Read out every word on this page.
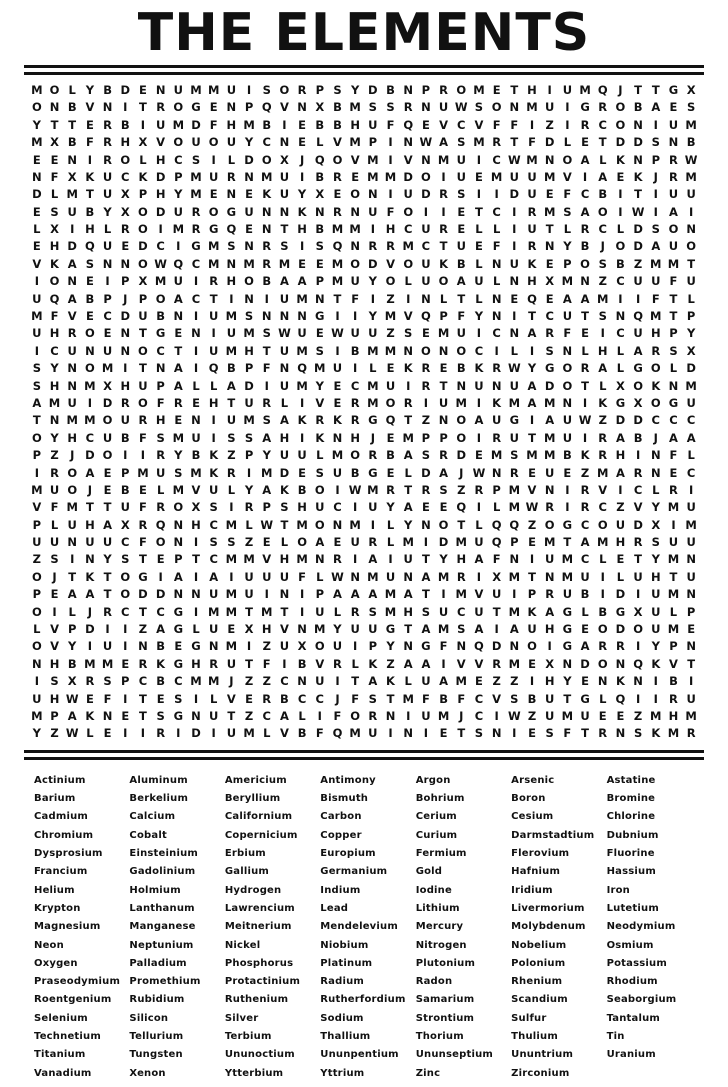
THE ELEMENTS
M O L Y B D E N U M M U I S O R P S Y D B N P R O M E T H I U M Q J	T T G X
O N B V N I	T R O G E N P Q V N X B M S S R N U W S O N M U I G R O B A E S
Y T T E R B I U M D F H M B I	E B B H U F Q E V C V F F	I Z I R C O N I U M
M X B F R H X V O U O U Y C N E L V M P I N W A S M R T F D L E T D D S N B
E E N I R O L H C S I	L D O X J Q O V M I V N M U I C W M N O A L K N P R W
N F X K U C K D P M U R N M U I B R E M M D O I U E M U U M V I A E K J R M
D L M T U X P H Y M E N E K U Y X E O N I U D R S I	I D U E F C B I	T	I U U
E S U B Y X O D U R O G U N N K N R N U F O I	I	E T C I R M S A O I W I A I
L X I H L R O I M R G Q E N T H B M M I H C U R E L L	I U T L R C L D S O N
E H D Q U E D C I G M S N R S I S Q N R R M C T U E F	I R N Y B J O D A U O
V K A S N N O W Q C M N M R M E E M O D V O U K B L N U K E P O S B Z M M T
I O N E	I P X M U I R H O B A A P M U Y O L U O A U L N H X M N Z C U U F U
U Q A B P J P O A C T	I N I U M N T F	I Z I N L T L N E Q E A A M I	I	F T L
M F V E C D U B N I U M S N N N G I	I Y M V Q P F Y N I	T C U T S N Q M T P
U H R O E N T G E N I U M S W U E W U U Z S E M U I C N A R F E	I C U H P Y
I C U N U N O C T	I U M H T U M S I B M M N O N O C I	L	I S N L H L A R S X
S Y N O M I	T N A I Q B P F N Q M U I	L E K R E B K R W Y G O R A L G O L D
S H N M X H U P A L L A D I U M Y E C M U I R T N U N U A D O T L X O K N M
A M U I D R O F R E H T U R L	I V E R M O R I U M I K M A M N I K G X O G U
T N M M O U R H E N I U M S A K R K R G Q T Z N O A U G I A U W Z D D C C C
O Y H C U B F S M U I S S A H I K N H J	E M P P O I R U T M U I R A B J A A
P Z J D O I	I R Y B K Z P Y U U L M O R B A S R D E M S M M B K R H I N F L
I R O A E P M U S M K R I M D E S U B G E L D A J W N R E U E Z M A R N E C
M U O J	E B E L M V U L Y A K B O I W M R T R S Z R P M V N I R V I C L R I
V F M T T U F R O X S I R P S H U C I U Y A E E Q I	L M W R I R C Z V Y M U
P L U H A X R Q N H C M L W T M O N M I	L Y N O T L Q Q Z O G C O U D X I M
U U N U U C F O N I S S Z E L O A E U R L M I D M U Q P E M T A M H R S U U
Z S I N Y S T E P T C M M V H M N R I A I U T Y H A F N I U M C L E T Y M N
O J	T K T O G I A I A I U U U F L W N M U N A M R I X M T N M U I	L U H T U
P E A A T O D D N N U M U I N I P A A A M A T	I M V U I P R U B I D I U M N
O I	L	J R C T C G I M M T M T	I U L R S M H S U C U T M K A G L B G X U L P
L V P D I	I Z A G L U E X H V N M Y U U G T A M S A I A U H G E O D O U M E
O V Y I U I N B E G N M I Z U X O U I P Y N G F N Q D N O I G A R R I Y P N
N H B M M E R K G H R U T F	I B V R L K Z A A I V V R M E X N D O N Q K V T
I S X R S P C B C M M J Z Z C N U I	T A K L U A M E Z Z I H Y E N K N I B I
U H W E F	I	T E S I	L V E R B C C J	F S T M F B F C V S B U T G L Q I	I R U
M P A K N E T S G N U T Z C A L	I	F O R N I U M J C I W Z U M U E E Z M H M
Y Z W L E	I	I R I D I U M L V B F Q M U I N I	E T S N I	E S F T R N S K M R
Actinium	Aluminum	Americium	Antimony	Argon	Arsenic	Astatine
Barium	Berkelium	Beryllium	Bismuth	Bohrium	Boron	Bromine
Cadmium	Calcium	Californium	Carbon	Cerium	Cesium	Chlorine
Chromium	Cobalt	Copernicium	Copper	Curium	Darmstadtium	Dubnium
Dysprosium	Einsteinium	Erbium	Europium	Fermium	Flerovium	Fluorine
Francium	Gadolinium	Gallium	Germanium	Gold	Hafnium	Hassium
Helium	Holmium	Hydrogen	Indium	Iodine	Iridium	Iron
Krypton	Lanthanum	Lawrencium	Lead	Lithium	Livermorium	Lutetium
Magnesium	Manganese	Meitnerium	Mendelevium	Mercury	Molybdenum	Neodymium
Neon	Neptunium	Nickel	Niobium	Nitrogen	Nobelium	Osmium
Oxygen	Palladium	Phosphorus	Platinum	Plutonium	Polonium	Potassium
Praseodymium Promethium	Protactinium	Radium	Radon	Rhenium	Rhodium
Roentgenium	Rubidium	Ruthenium	Rutherfordium	Samarium	Scandium	Seaborgium
Selenium	Silicon	Silver	Sodium	Strontium	Sulfur	Tantalum
Technetium	Tellurium	Terbium	Thallium	Thorium	Thulium	Tin
Titanium	Tungsten	Ununoctium	Ununpentium	Ununseptium	Ununtrium	Uranium
Vanadium	Xenon	Ytterbium	Yttrium	Zinc	Zirconium
